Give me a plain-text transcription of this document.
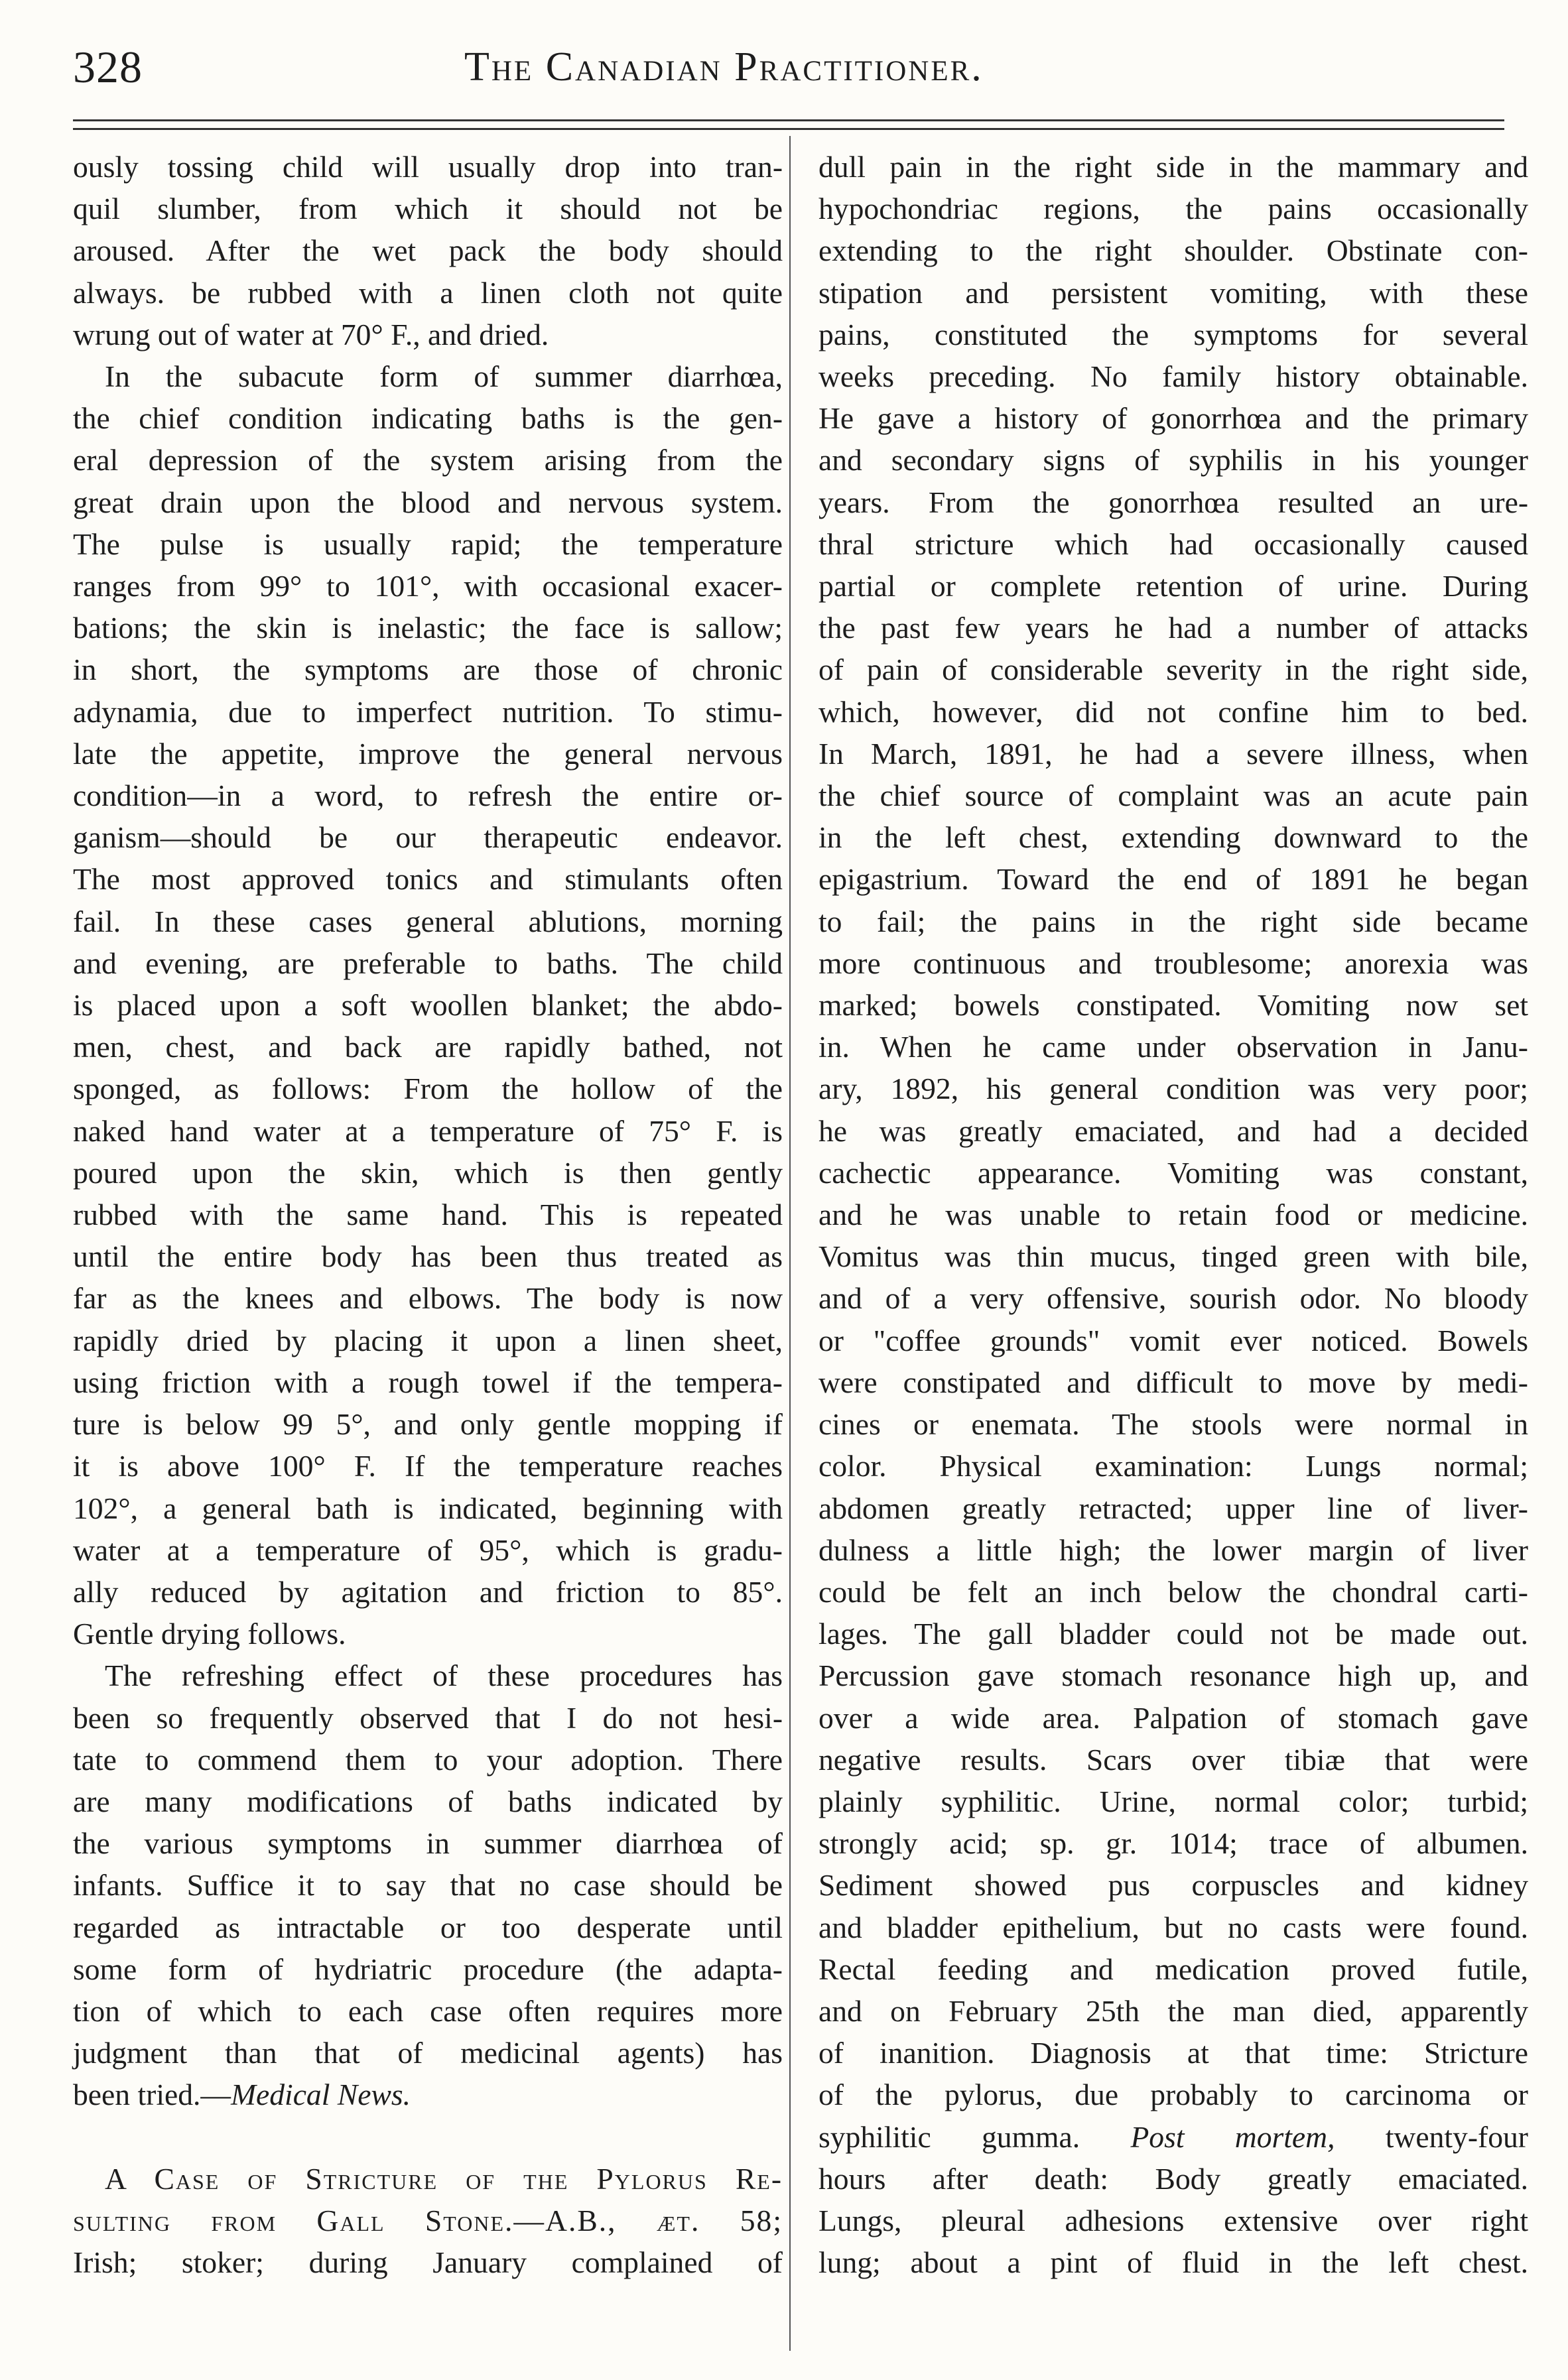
328	The Canadian Practitioner.
ously tossing child will usually drop into tran-
quil slumber, from which it should not be
aroused. After the wet pack the body should
always. be rubbed with a linen cloth not quite
wrung out of water at 70° F., and dried.
In the subacute form of summer diarrhœa,
the chief condition indicating baths is the gen-
eral depression of the system arising from the
great drain upon the blood and nervous system.
The pulse is usually rapid; the temperature
ranges from 99° to 101°, with occasional exacer-
bations; the skin is inelastic; the face is sallow;
in short, the symptoms are those of chronic
adynamia, due to imperfect nutrition. To stimu-
late the appetite, improve the general nervous
condition—in a word, to refresh the entire or-
ganism—should be our therapeutic endeavor.
The most approved tonics and stimulants often
fail. In these cases general ablutions, morning
and evening, are preferable to baths. The child
is placed upon a soft woollen blanket; the abdo-
men, chest, and back are rapidly bathed, not
sponged, as follows: From the hollow of the
naked hand water at a temperature of 75° F. is
poured upon the skin, which is then gently
rubbed with the same hand. This is repeated
until the entire body has been thus treated as
far as the knees and elbows. The body is now
rapidly dried by placing it upon a linen sheet,
using friction with a rough towel if the tempera-
ture is below 99 5°, and only gentle mopping if
it is above 100° F. If the temperature reaches
102°, a general bath is indicated, beginning with
water at a temperature of 95°, which is gradu-
ally reduced by agitation and friction to 85°.
Gentle drying follows.
The refreshing effect of these procedures has
been so frequently observed that I do not hesi-
tate to commend them to your adoption. There
are many modifications of baths indicated by
the various symptoms in summer diarrhœa of
infants. Suffice it to say that no case should be
regarded as intractable or too desperate until
some form of hydriatric procedure (the adapta-
tion of which to each case often requires more
judgment than that of medicinal agents) has
been tried.—Medical News.
A Case of Stricture of the Pylorus Re-
sulting from Gall Stone.—A.B., æt. 58;
Irish; stoker; during January complained of
dull pain in the right side in the mammary and
hypochondriac regions, the pains occasionally
extending to the right shoulder. Obstinate con-
stipation and persistent vomiting, with these
pains, constituted the symptoms for several
weeks preceding. No family history obtainable.
He gave a history of gonorrhœa and the primary
and secondary signs of syphilis in his younger
years. From the gonorrhœa resulted an ure-
thral stricture which had occasionally caused
partial or complete retention of urine. During
the past few years he had a number of attacks
of pain of considerable severity in the right side,
which, however, did not confine him to bed.
In March, 1891, he had a severe illness, when
the chief source of complaint was an acute pain
in the left chest, extending downward to the
epigastrium. Toward the end of 1891 he began
to fail; the pains in the right side became
more continuous and troublesome; anorexia was
marked; bowels constipated. Vomiting now set
in. When he came under observation in Janu-
ary, 1892, his general condition was very poor;
he was greatly emaciated, and had a decided
cachectic appearance. Vomiting was constant,
and he was unable to retain food or medicine.
Vomitus was thin mucus, tinged green with bile,
and of a very offensive, sourish odor. No bloody
or "coffee grounds" vomit ever noticed. Bowels
were constipated and difficult to move by medi-
cines or enemata. The stools were normal in
color. Physical examination: Lungs normal;
abdomen greatly retracted; upper line of liver-
dulness a little high; the lower margin of liver
could be felt an inch below the chondral carti-
lages. The gall bladder could not be made out.
Percussion gave stomach resonance high up, and
over a wide area. Palpation of stomach gave
negative results. Scars over tibiæ that were
plainly syphilitic. Urine, normal color; turbid;
strongly acid; sp. gr. 1014; trace of albumen.
Sediment showed pus corpuscles and kidney
and bladder epithelium, but no casts were found.
Rectal feeding and medication proved futile,
and on February 25th the man died, apparently
of inanition. Diagnosis at that time: Stricture
of the pylorus, due probably to carcinoma or
syphilitic gumma. Post mortem, twenty-four
hours after death: Body greatly emaciated.
Lungs, pleural adhesions extensive over right
lung; about a pint of fluid in the left chest.
